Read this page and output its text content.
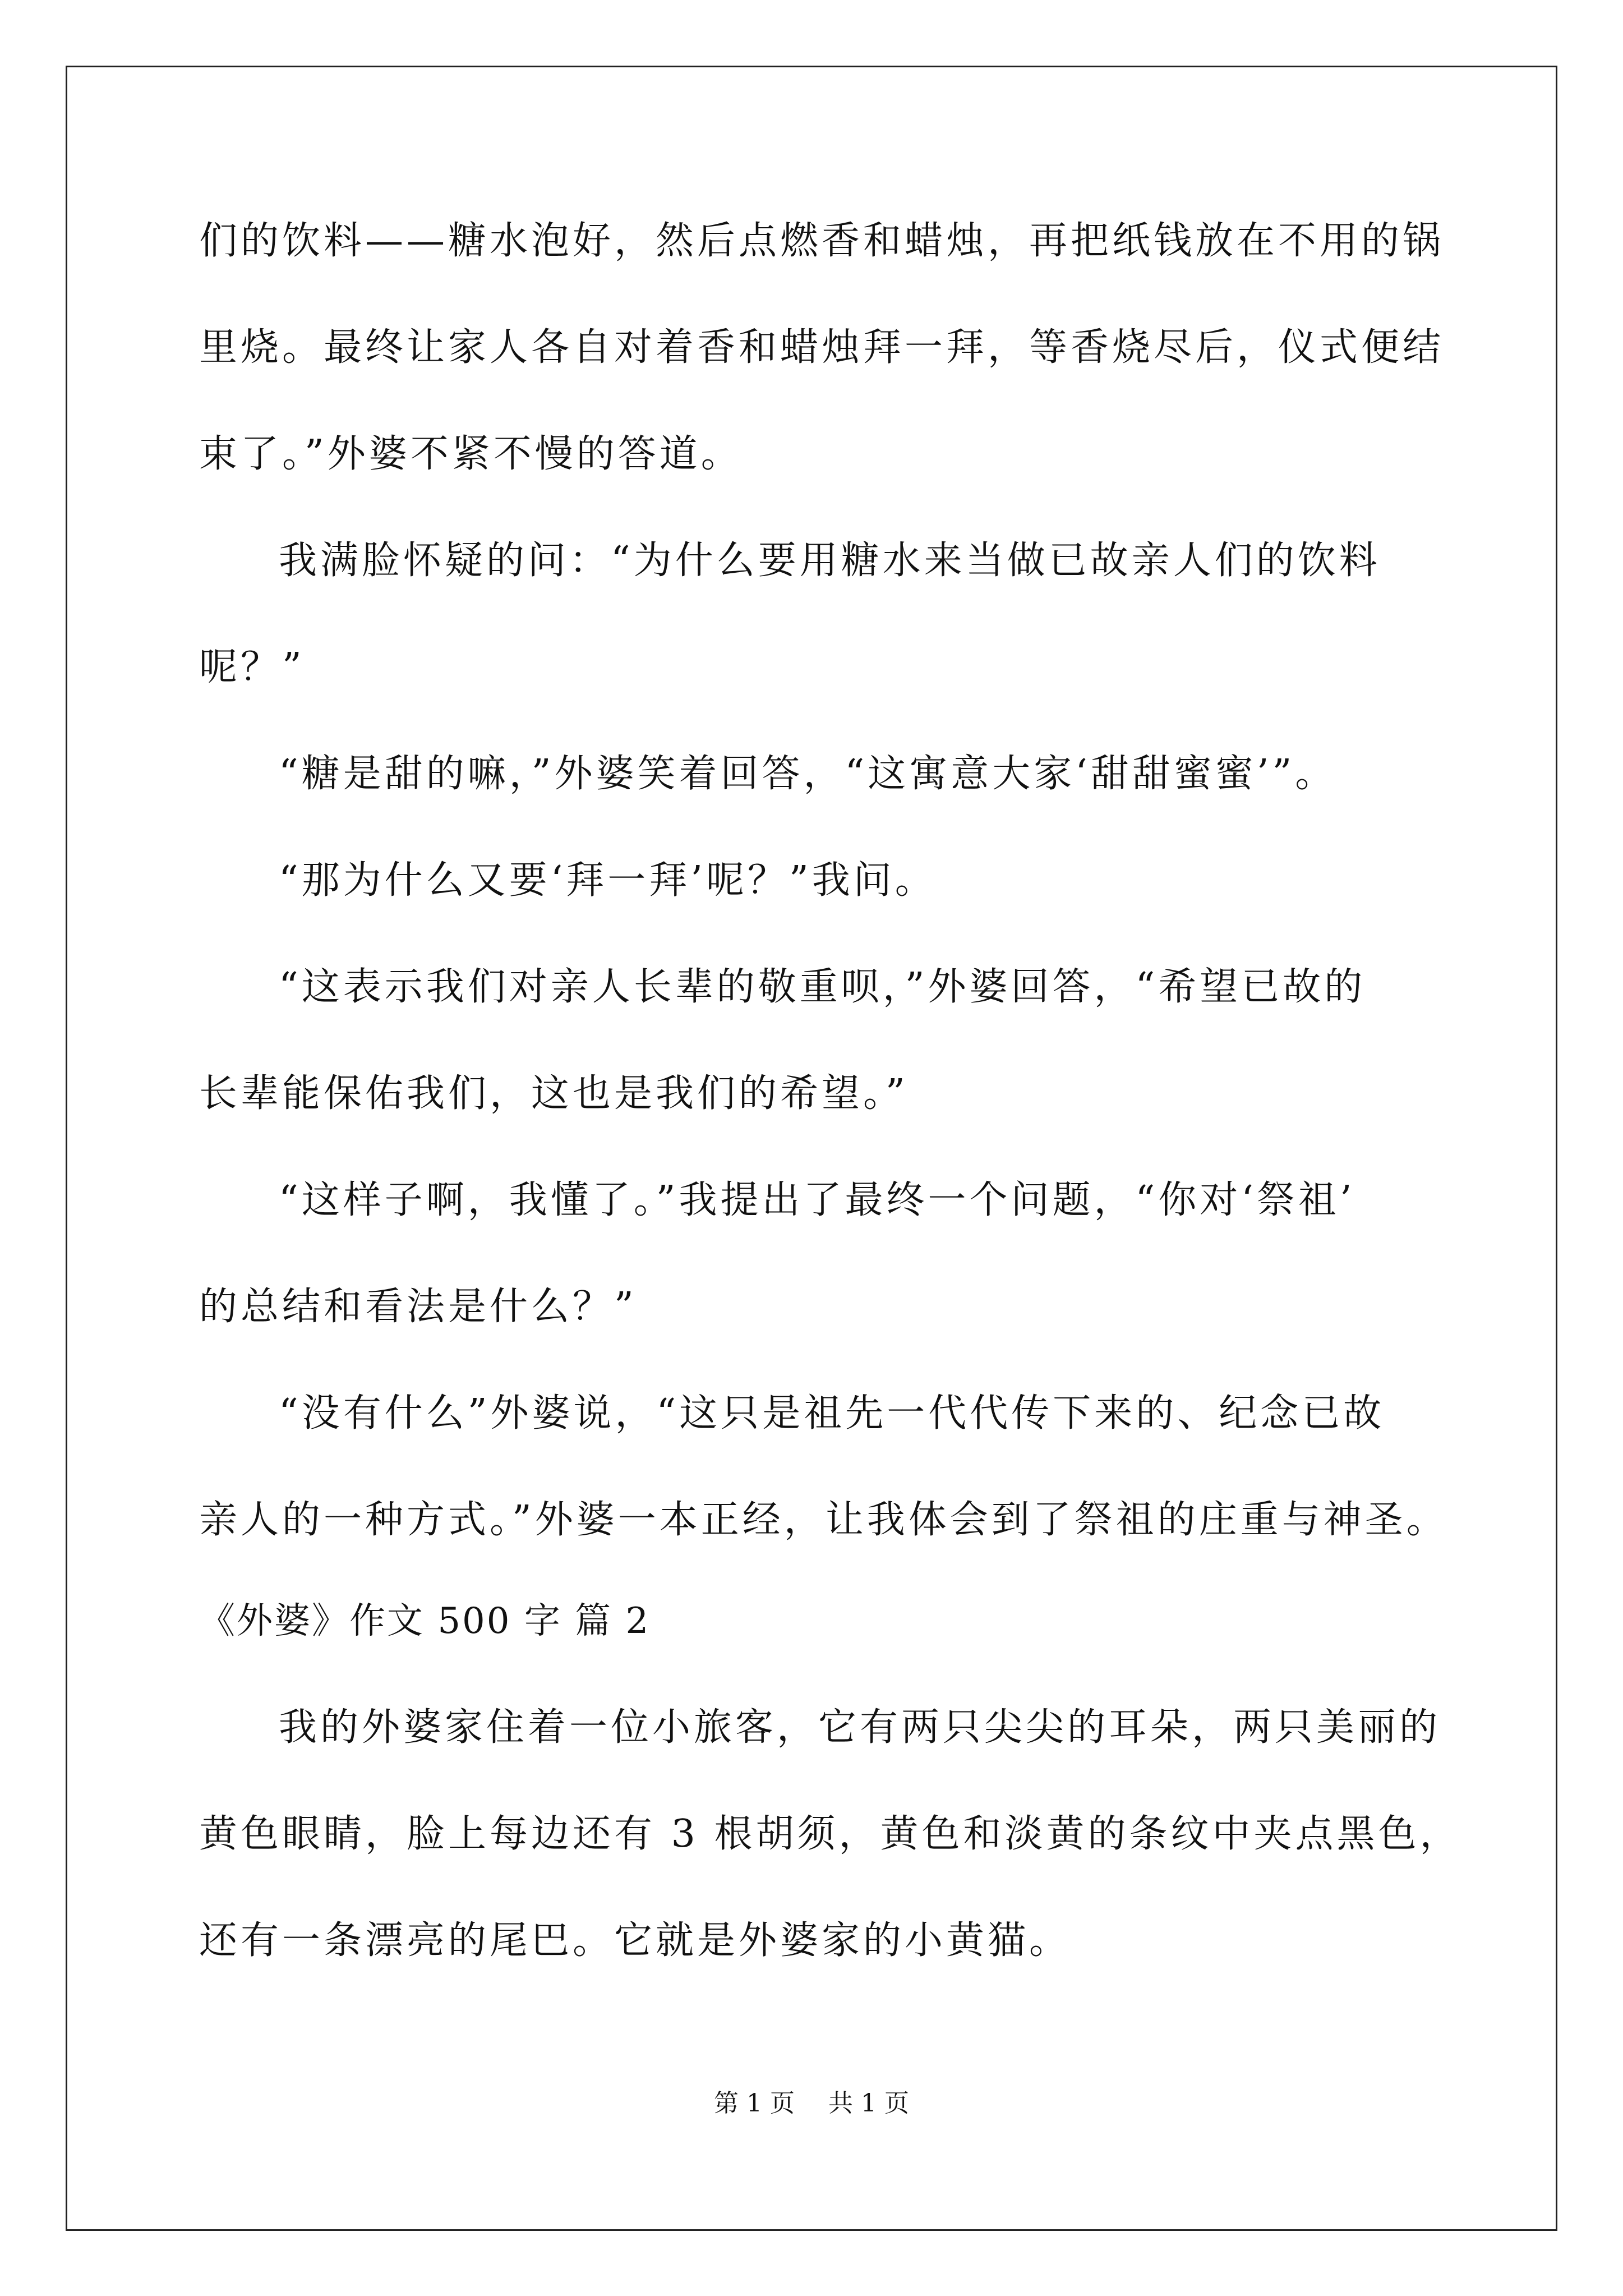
们的饮料——糖水泡好，然后点燃香和蜡烛，再把纸钱放在不用的锅
里烧。最终让家人各自对着香和蜡烛拜一拜，等香烧尽后，仪式便结
束了。”外婆不紧不慢的答道。
我满脸怀疑的问：“为什么要用糖水来当做已故亲人们的饮料
呢？”
“糖是甜的嘛，”外婆笑着回答，“这寓意大家‘甜甜蜜蜜’”。
“那为什么又要‘拜一拜’呢？”我问。
“这表示我们对亲人长辈的敬重呗，”外婆回答，“希望已故的
长辈能保佑我们，这也是我们的希望。”
“这样子啊，我懂了。”我提出了最终一个问题，“你对‘祭祖’
的总结和看法是什么？”
“没有什么”外婆说，“这只是祖先一代代传下来的、纪念已故
亲人的一种方式。”外婆一本正经，让我体会到了祭祖的庄重与神圣。
《外婆》作文 500 字 篇 2
我的外婆家住着一位小旅客，它有两只尖尖的耳朵，两只美丽的
黄色眼睛，脸上每边还有 3 根胡须，黄色和淡黄的条纹中夹点黑色，
还有一条漂亮的尾巴。它就是外婆家的小黄猫。
第 1 页 共 1 页
